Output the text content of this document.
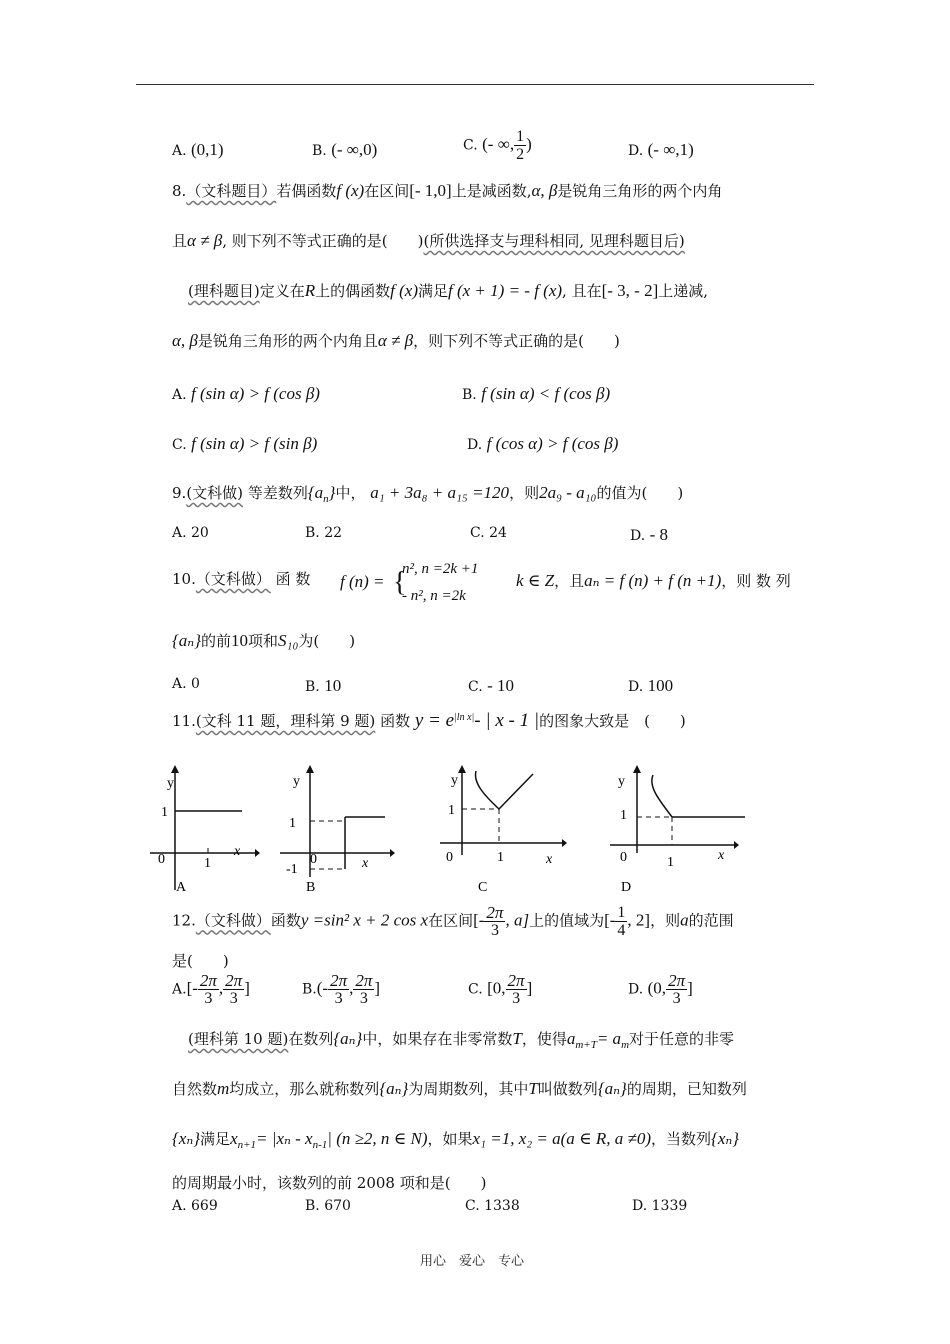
A. (0,1)	B. (- ∞,0)	C. (- ∞, $\frac{1}{2}$ )	D. (- ∞,1)
8.（文科题目）若偶函数f (x)在区间[- 1,0]上是减函数,α, β是锐角三角形的两个内角
且α ≠ β, 则下列不等式正确的是(　　)(所供选择支与理科相同, 见理科题目后)
(理科题目)定义在R上的偶函数f (x)满足f (x + 1) = - f (x), 且在[- 3, - 2]上递减,
α, β是锐角三角形的两个内角且α ≠ β，则下列不等式正确的是(　　)
A. f (sin α) > f (cos β)	B. f (sin α) < f (cos β)
C. f (sin α) > f (sin β)	D. f (cos α) > f (cos β)
9.(文科做) 等差数列$\{a_n\}$中， a₁ + 3a₈ + a₁₅ =120，则2a₉ - a₁₀的值为(　　)
A. 20	B. 22	C. 24	D. - 8
10.（文科做） 函 数 f (n) = {
n², n =2k +1
- n², n =2k
k ∈ Z，且aₙ = f (n) + f (n +1)，则 数 列
{aₙ}的前10项和S₁₀为(　　)
A. 0	B. 10	C. - 10	D. 100
11.(文科 11 题，理科第 9 题) 函数 $y = e^{|ln x|}-$ | x - 1 |的图象大致是　(　　)
y
1
0	1
x
A
y
1
0
-1	x
B
y
1
0	1	x
C
y
1
0	1	x
D
12.（文科做）函数y =sin² x + 2 cos x在区间[- $\frac{2\pi}{3}$ , a]上的值域为[- $\frac{1}{4}$ , 2]，则a的范围
是(　　)
$A.[- \frac{2\pi}{3}$ , $\frac{2\pi}{3}$ ]	$B.(- \frac{2\pi}{3}$ , $\frac{2\pi}{3}$ ]	C. [0, $\frac{2\pi}{3}$ ]	D. (0, $\frac{2\pi}{3}$ ]
(理科第 10 题)在数列{aₙ}中，如果存在非零常数T，使得$a_{m+T}= a_m$对于任意的非零
自然数m均成立，那么就称数列{aₙ}为周期数列，其中T叫做数列{aₙ}的周期，已知数列
{xₙ}满足$x_{n+1}= |x_n - x_{n-1}|$ (n ≥2, n ∈ N)，如果x₁ =1, x₂ = a(a ∈ R, a ≠0)，当数列{xₙ}
的周期最小时，该数列的前 2008 项和是(　　)
A. 669	B. 670	C. 1338	D. 1339
用心　爱心　专心
